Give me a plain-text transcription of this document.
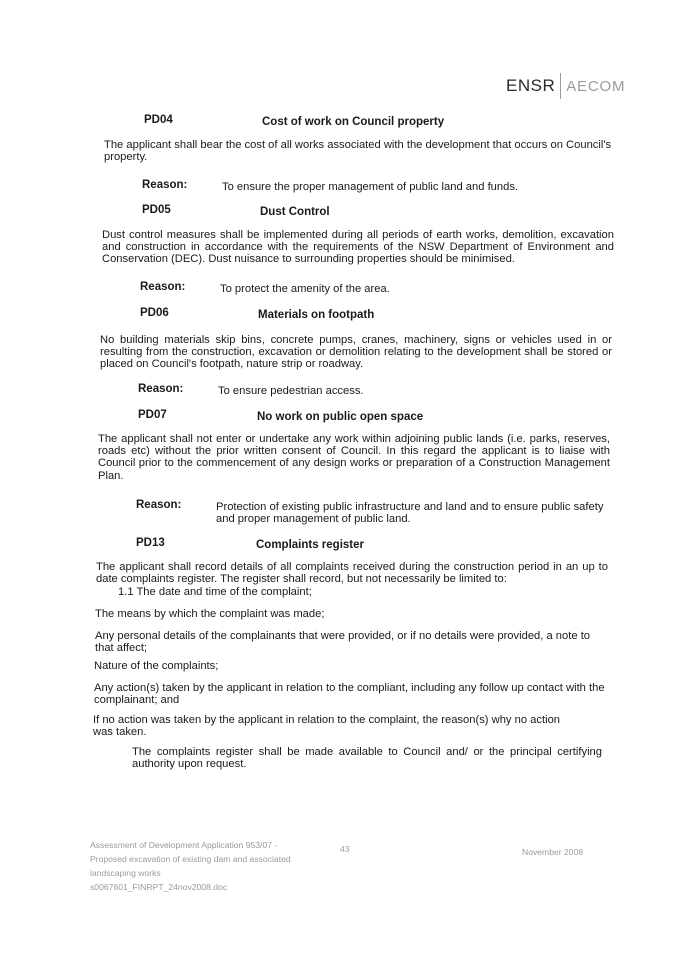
ENSR AECOM
PD04	Cost of work on Council property
The applicant shall bear the cost of all works associated with the development that occurs on Council's property.
Reason:	To ensure the proper management of public land and funds.
PD05	Dust Control
Dust control measures shall be implemented during all periods of earth works, demolition, excavation and construction in accordance with the requirements of the NSW Department of Environment and Conservation (DEC). Dust nuisance to surrounding properties should be minimised.
Reason:	To protect the amenity of the area.
PD06	Materials on footpath
No building materials skip bins, concrete pumps, cranes, machinery, signs or vehicles used in or resulting from the construction, excavation or demolition relating to the development shall be stored or placed on Council's footpath, nature strip or roadway.
Reason:	To ensure pedestrian access.
PD07	No work on public open space
The applicant shall not enter or undertake any work within adjoining public lands (i.e. parks, reserves, roads etc) without the prior written consent of Council. In this regard the applicant is to liaise with Council prior to the commencement of any design works or preparation of a Construction Management Plan.
Reason:	Protection of existing public infrastructure and land and to ensure public safety and proper management of public land.
PD13	Complaints register
The applicant shall record details of all complaints received during the construction period in an up to date complaints register. The register shall record, but not necessarily be limited to:
1.1 The date and time of the complaint;
The means by which the complaint was made;
Any personal details of the complainants that were provided, or if no details were provided, a note to that affect;
Nature of the complaints;
Any action(s) taken by the applicant in relation to the compliant, including any follow up contact with the complainant; and
If no action was taken by the applicant in relation to the complaint, the reason(s) why no action was taken.
The complaints register shall be made available to Council and/ or the principal certifying authority upon request.
Assessment of Development Application 953/07 -
Proposed excavation of existing dam and associated
landscaping works
s0067601_FINRPT_24nov2008.doc
43	November 2008
